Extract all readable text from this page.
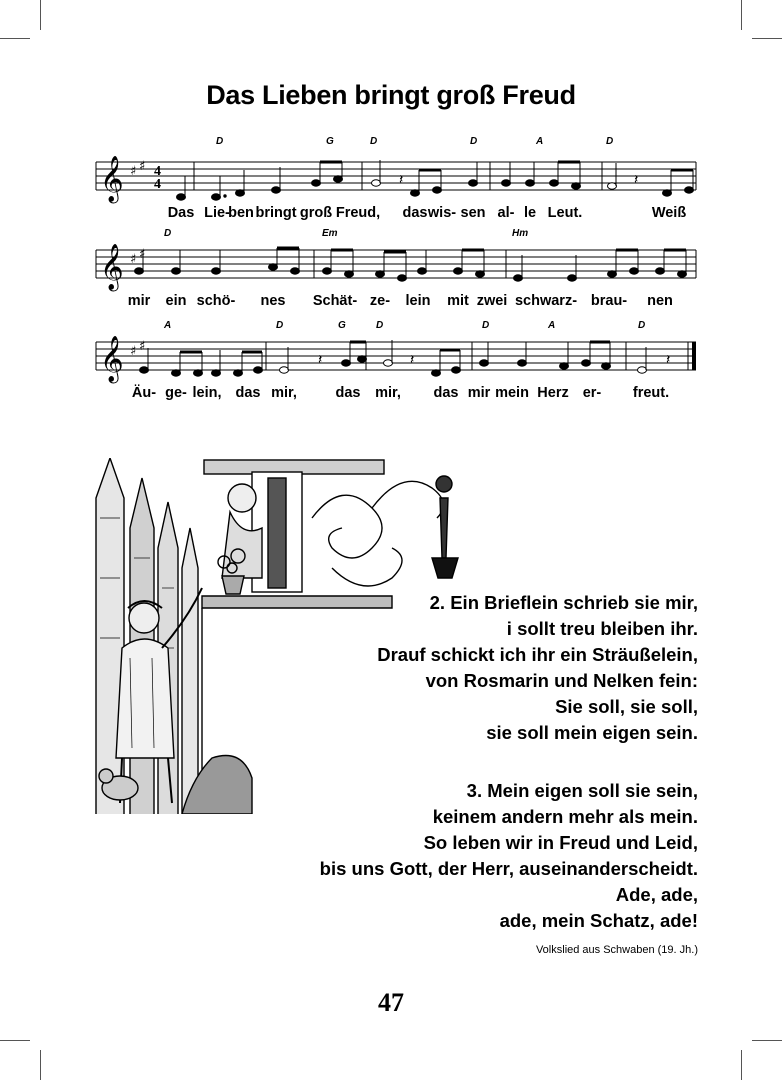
Das Lieben bringt groß Freud
D	G	D	D	A	D
𝄞 ♯ ♯ 4
4	𝄽	𝄽
Das Lie-
ben bringt groß Freud, das wis- sen al- le Leut.	Weiß
D	Em	Hm
𝄞 ♯ ♯
mir ein schö- nes Schät- ze- lein mit zwei schwarz- brau- nen
A	D	G	D	D	A	D
𝄞 ♯ ♯
𝄽	𝄽	𝄽
Äu- ge- lein, das mir,	das mir, das mir mein Herz er- freut.
2. Ein Brieflein schrieb sie mir,
i sollt treu bleiben ihr.
Drauf schickt ich ihr ein Sträußelein,
von Rosmarin und Nelken fein:
Sie soll, sie soll,
sie soll mein eigen sein.
3. Mein eigen soll sie sein,
keinem andern mehr als mein.
So leben wir in Freud und Leid,
bis uns Gott, der Herr, auseinanderscheidt.
Ade, ade,
ade, mein Schatz, ade!
Volkslied aus Schwaben (19. Jh.)
47
